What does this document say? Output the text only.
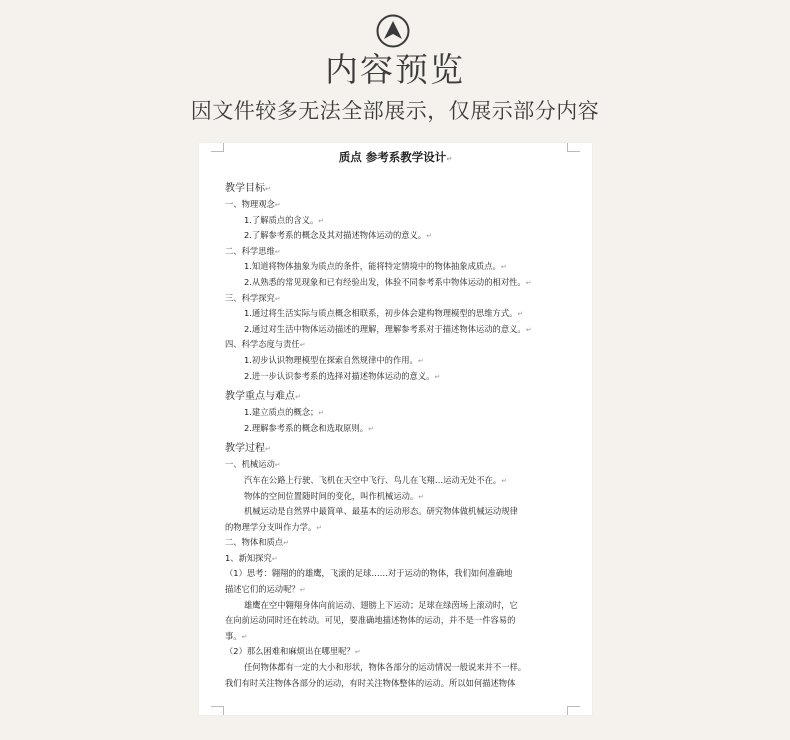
内容预览
因文件较多无法全部展示，仅展示部分内容
质点 参考系教学设计↵
教学目标↵
一、物理观念↵
1.了解质点的含义。↵
2.了解参考系的概念及其对描述物体运动的意义。↵
二、科学思维↵
1.知道将物体抽象为质点的条件，能将特定情境中的物体抽象成质点。↵
2.从熟悉的常见现象和已有经验出发，体验不同参考系中物体运动的相对性。↵
三、科学探究↵
1.通过将生活实际与质点概念相联系，初步体会建构物理模型的思维方式。↵
2.通过对生活中物体运动描述的理解，理解参考系对于描述物体运动的意义。↵
四、科学态度与责任↵
1.初步认识物理模型在探索自然规律中的作用。↵
2.进一步认识参考系的选择对描述物体运动的意义。↵
教学重点与难点↵
1.建立质点的概念；↵
2.理解参考系的概念和选取原则。↵
教学过程↵
一、机械运动↵
汽车在公路上行驶、飞机在天空中飞行、鸟儿在飞翔…运动无处不在。↵
物体的空间位置随时间的变化，叫作机械运动。↵
机械运动是自然界中最简单、最基本的运动形态。研究物体做机械运动规律
的物理学分支叫作力学。↵
二、物体和质点↵
1、新知探究↵
（1）思考：翱翔的的雄鹰，飞滚的足球……对于运动的物体，我们如何准确地
描述它们的运动呢？↵
雄鹰在空中翱翔身体向前运动、翅膀上下运动；足球在绿茵场上滚动时，它
在向前运动同时还在转动。可见，要准确地描述物体的运动，并不是一件容易的
事。↵
（2）那么困难和麻烦出在哪里呢？↵
任何物体都有一定的大小和形状，物体各部分的运动情况一般说来并不一样。
我们有时关注物体各部分的运动，有时关注物体整体的运动。所以如何描述物体
